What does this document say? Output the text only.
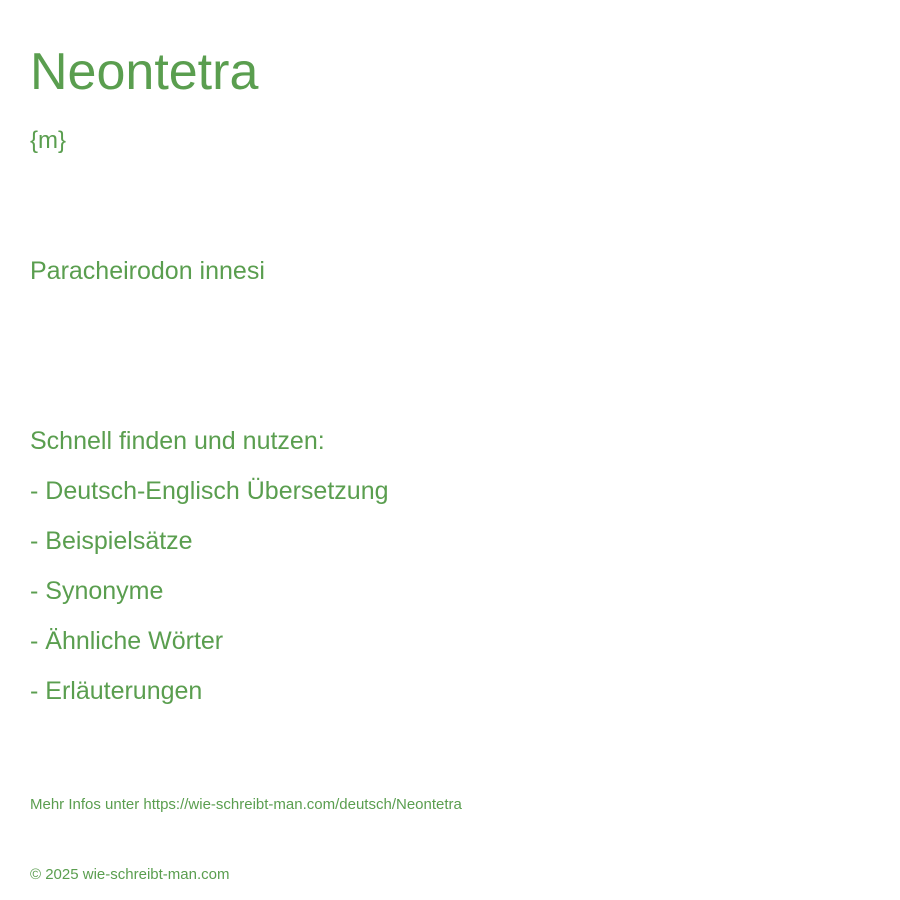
Neontetra
{m}
Paracheirodon innesi
Schnell finden und nutzen:
- Deutsch-Englisch Übersetzung
- Beispielsätze
- Synonyme
- Ähnliche Wörter
- Erläuterungen
Mehr Infos unter https://wie-schreibt-man.com/deutsch/Neontetra
© 2025 wie-schreibt-man.com
